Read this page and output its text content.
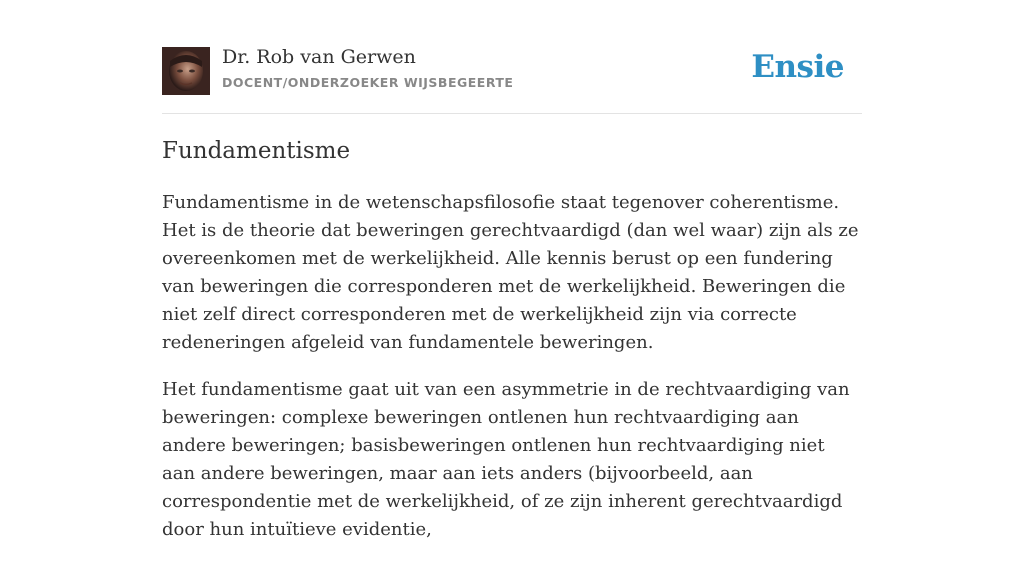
Dr. Rob van Gerwen
DOCENT/ONDERZOEKER WIJSBEGEERTE	Ensie
Fundamentisme

Fundamentisme in de wetenschapsfilosofie staat tegenover coherentisme. Het is de theorie dat beweringen gerechtvaardigd (dan wel waar) zijn als ze overeenkomen met de werkelijkheid. Alle kennis berust op een fundering van beweringen die corresponderen met de werkelijkheid. Beweringen die niet zelf direct corresponderen met de werkelijkheid zijn via correcte redeneringen afgeleid van fundamentele beweringen.

Het fundamentisme gaat uit van een asymmetrie in de rechtvaardiging van beweringen: complexe beweringen ontlenen hun rechtvaardiging aan andere beweringen; basisbeweringen ontlenen hun rechtvaardiging niet aan andere beweringen, maar aan iets anders (bijvoorbeeld, aan correspondentie met de werkelijkheid, of ze zijn inherent gerechtvaardigd door hun intuïtieve evidentie,
